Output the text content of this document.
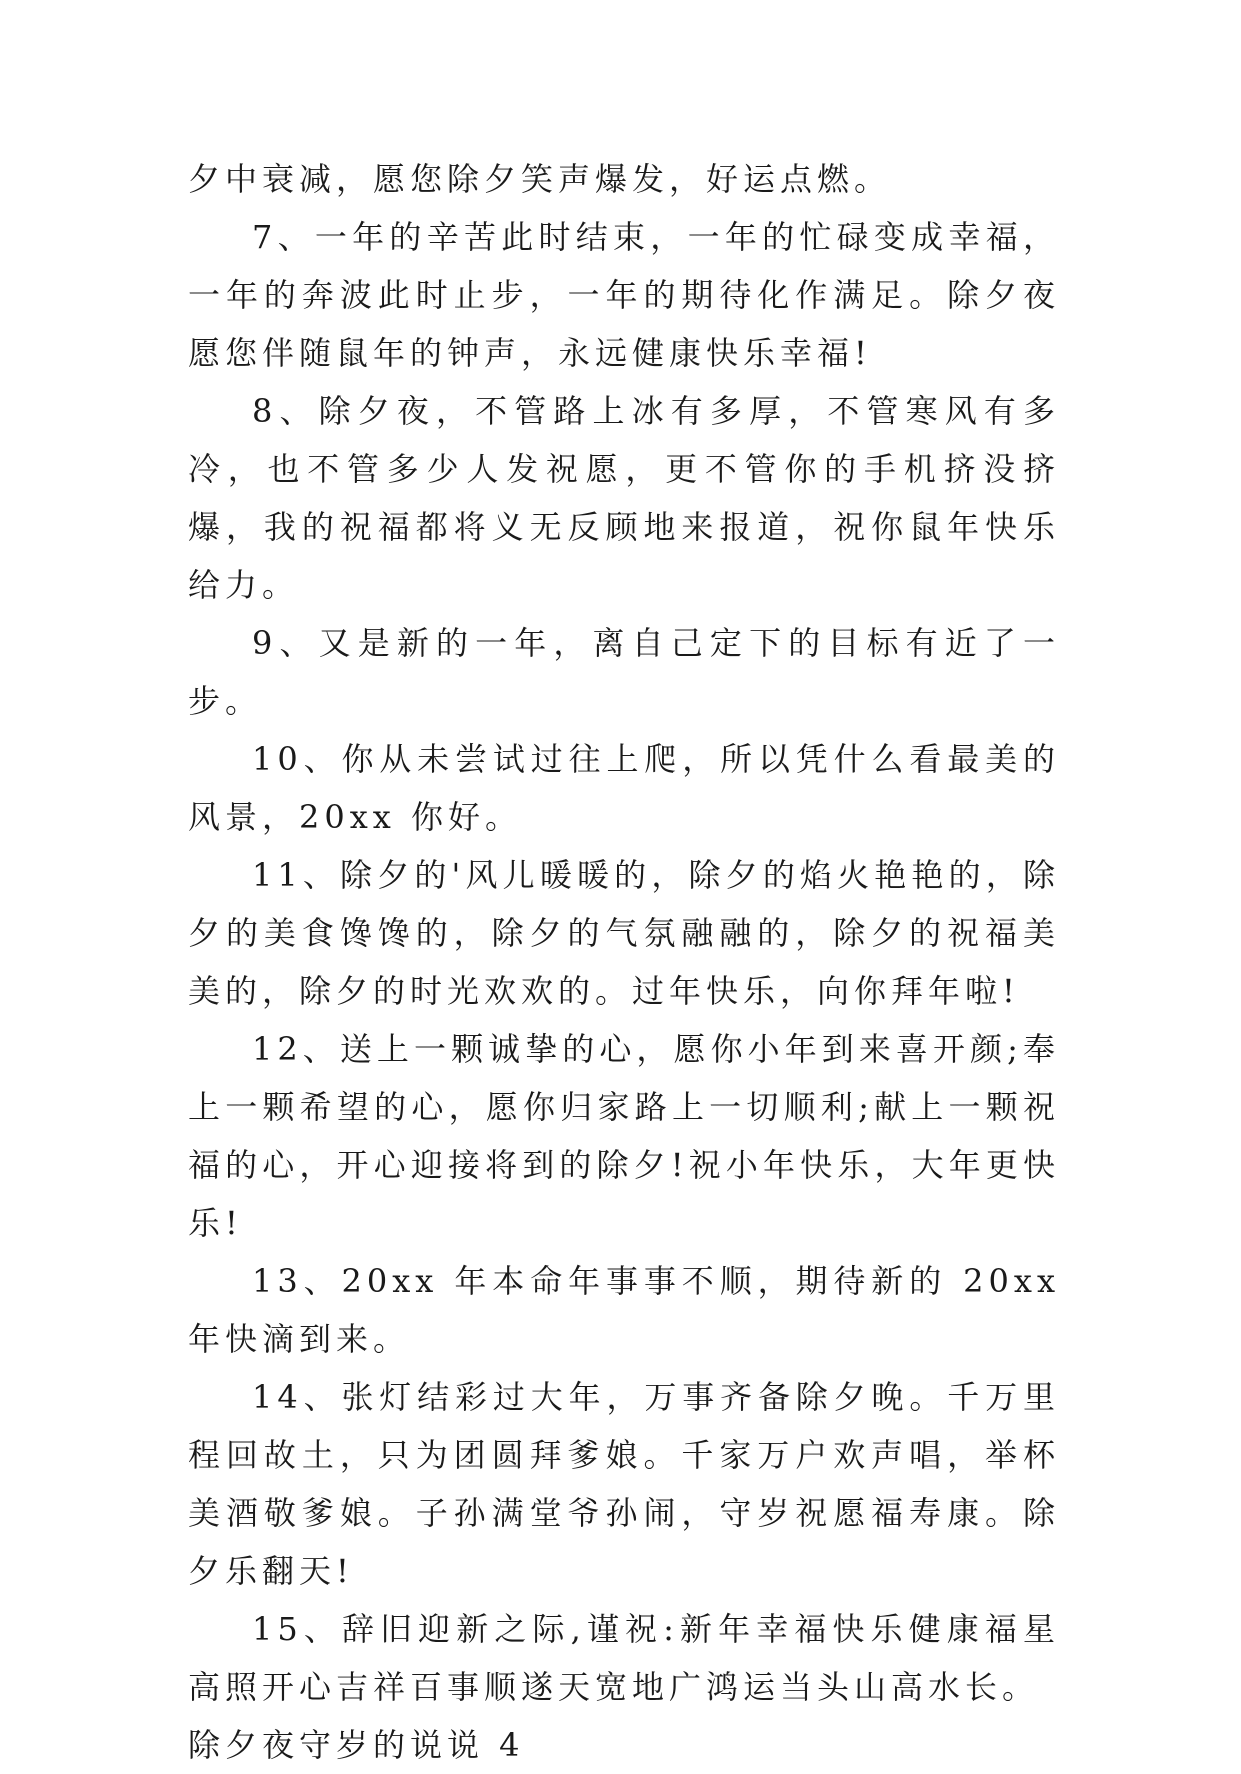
夕中衰减，愿您除夕笑声爆发，好运点燃。

7、一年的辛苦此时结束，一年的忙碌变成幸福，一年的奔波此时止步，一年的期待化作满足。除夕夜愿您伴随鼠年的钟声，永远健康快乐幸福!

8、除夕夜，不管路上冰有多厚，不管寒风有多冷，也不管多少人发祝愿，更不管你的手机挤没挤爆，我的祝福都将义无反顾地来报道，祝你鼠年快乐给力。

9、又是新的一年，离自己定下的目标有近了一步。

10、你从未尝试过往上爬，所以凭什么看最美的风景，20xx 你好。

11、除夕的'风儿暖暖的，除夕的焰火艳艳的，除夕的美食馋馋的，除夕的气氛融融的，除夕的祝福美美的，除夕的时光欢欢的。过年快乐，向你拜年啦!

12、送上一颗诚挚的心，愿你小年到来喜开颜;奉上一颗希望的心，愿你归家路上一切顺利;献上一颗祝福的心，开心迎接将到的除夕!祝小年快乐，大年更快乐!

13、20xx 年本命年事事不顺，期待新的 20xx 年快滴到来。

14、张灯结彩过大年，万事齐备除夕晚。千万里程回故土，只为团圆拜爹娘。千家万户欢声唱，举杯美酒敬爹娘。子孙满堂爷孙闹，守岁祝愿福寿康。除夕乐翻天!

15、辞旧迎新之际,谨祝:新年幸福快乐健康福星高照开心吉祥百事顺遂天宽地广鸿运当头山高水长。

除夕夜守岁的说说 4
